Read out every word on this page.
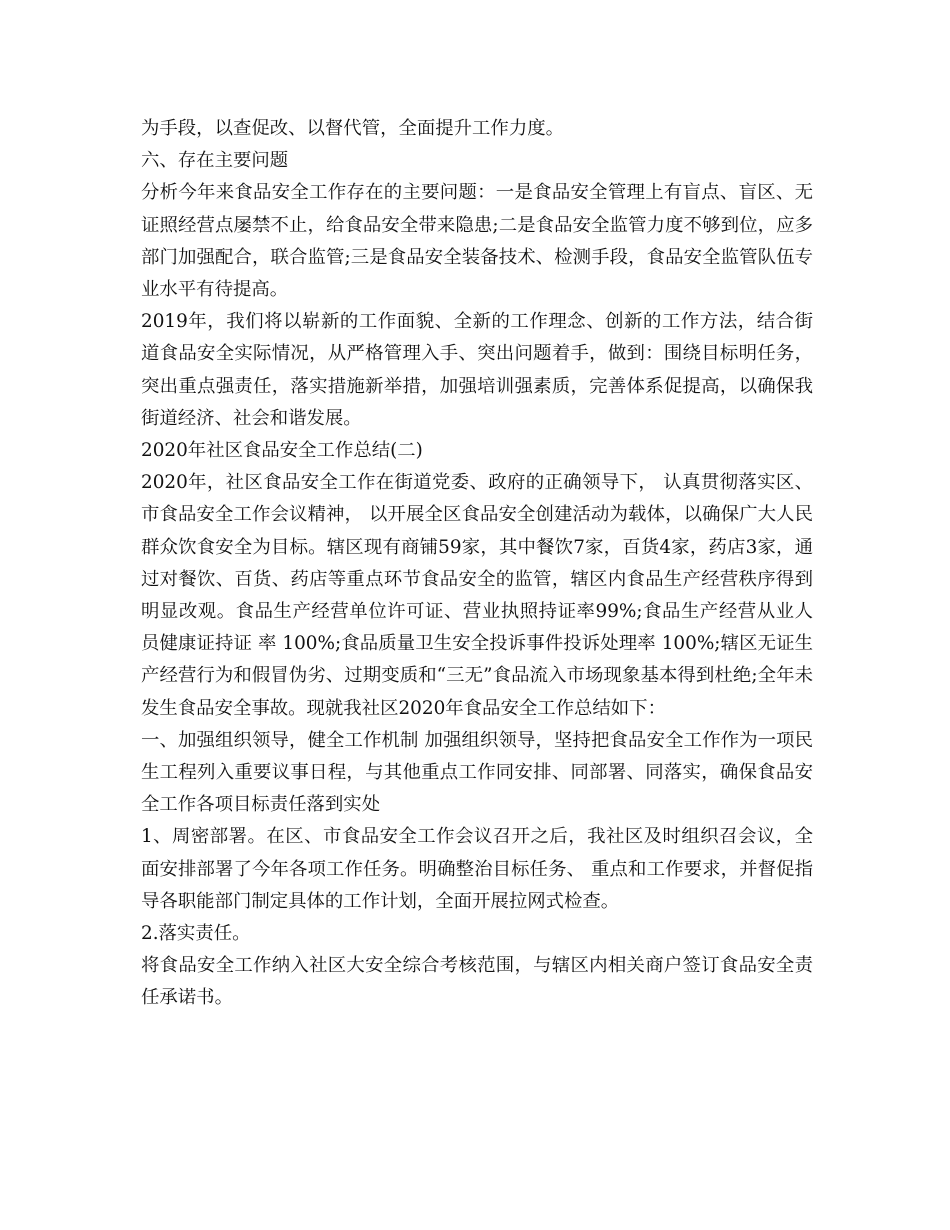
为手段，以查促改、以督代管，全面提升工作力度。

六、存在主要问题

分析今年来食品安全工作存在的主要问题：一是食品安全管理上有盲点、盲区、无证照经营点屡禁不止，给食品安全带来隐患;二是食品安全监管力度不够到位，应多部门加强配合，联合监管;三是食品安全装备技术、检测手段，食品安全监管队伍专业水平有待提高。

2019年，我们将以崭新的工作面貌、全新的工作理念、创新的工作方法，结合街道食品安全实际情况，从严格管理入手、突出问题着手，做到：围绕目标明任务，突出重点强责任，落实措施新举措，加强培训强素质，完善体系促提高，以确保我街道经济、社会和谐发展。

2020年社区食品安全工作总结(二)

2020年，社区食品安全工作在街道党委、政府的正确领导下， 认真贯彻落实区、市食品安全工作会议精神， 以开展全区食品安全创建活动为载体，以确保广大人民群众饮食安全为目标。辖区现有商铺59家，其中餐饮7家，百货4家，药店3家，通过对餐饮、百货、药店等重点环节食品安全的监管，辖区内食品生产经营秩序得到明显改观。食品生产经营单位许可证、营业执照持证率99%;食品生产经营从业人员健康证持证 率 100%;食品质量卫生安全投诉事件投诉处理率 100%;辖区无证生产经营行为和假冒伪劣、过期变质和“三无”食品流入市场现象基本得到杜绝;全年未发生食品安全事故。现就我社区2020年食品安全工作总结如下：

一、加强组织领导，健全工作机制 加强组织领导，坚持把食品安全工作作为一项民生工程列入重要议事日程，与其他重点工作同安排、同部署、同落实，确保食品安全工作各项目标责任落到实处

1、周密部署。在区、市食品安全工作会议召开之后，我社区及时组织召会议，全面安排部署了今年各项工作任务。明确整治目标任务、 重点和工作要求，并督促指导各职能部门制定具体的工作计划，全面开展拉网式检查。

2.落实责任。

将食品安全工作纳入社区大安全综合考核范围，与辖区内相关商户签订食品安全责任承诺书。
